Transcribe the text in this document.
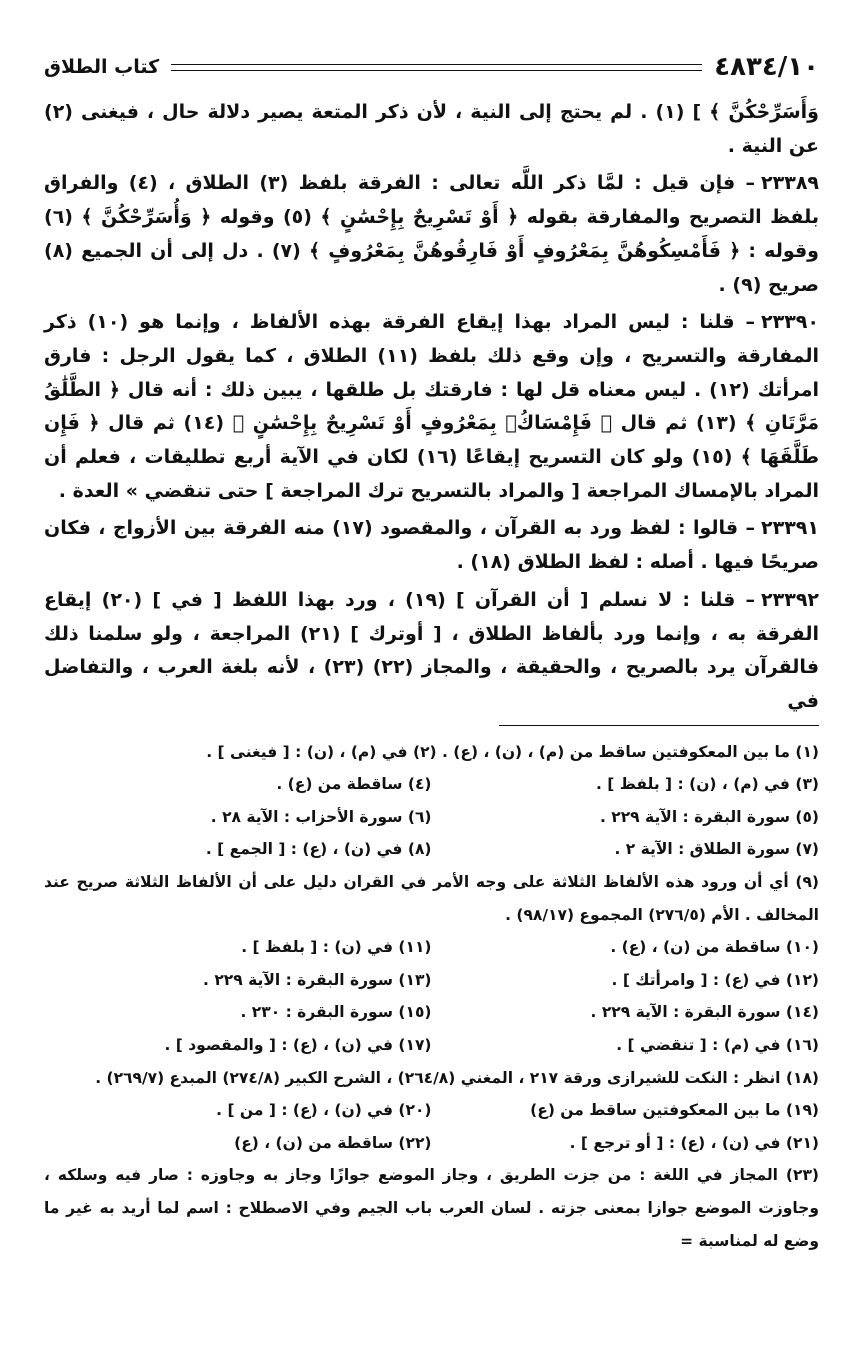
٤٨٣٤/١٠
كتاب الطلاق

وَأَسَرِّحْكُنَّ ﴾ ] (١) . لم يحتج إلى النية ، لأن ذكر المتعة يصير دلالة حال ، فيغنى (٢) عن النية .

٢٣٣٨٩– فإن قيل : لمَّا ذكر اللَّه تعالى : الفرقة بلفظ (٣) الطلاق ، (٤) والفراق بلفظ التصريح والمفارقة بقوله ﴿ أَوْ تَسْرِيحٌ بِإِحْسَٰنٍ ﴾ (٥) وقوله ﴿ وَأُسَرِّحْكُنَّ ﴾ (٦) وقوله : ﴿ فَأَمْسِكُوهُنَّ بِمَعْرُوفٍ أَوْ فَارِقُوهُنَّ بِمَعْرُوفٍ ﴾ (٧) . دل إلى أن الجميع (٨) صريح (٩) .

٢٣٣٩٠– قلنا : ليس المراد بهذا إيقاع الفرقة بهذه الألفاظ ، وإنما هو (١٠) ذكر المفارقة والتسريح ، وإن وقع ذلك بلفظ (١١) الطلاق ، كما يقول الرجل : فارق امرأتك (١٢) . ليس معناه قل لها : فارقتك بل طلقها ، يبين ذلك : أنه قال ﴿ الطَّلَٰقُ مَرَّتَانِ ﴾ (١٣) ثم قال ﴿ فَإِمْسَاكُۢ بِمَعْرُوفٍ أَوْ تَسْرِيحٌ بِإِحْسَٰنٍ ﴾ (١٤) ثم قال ﴿ فَإِن طَلَّقَهَا ﴾ (١٥) ولو كان التسريح إيقاعًا (١٦) لكان في الآية أربع تطليقات ، فعلم أن المراد بالإمساك المراجعة [ والمراد بالتسريح ترك المراجعة ] حتى تنقضي » العدة .

٢٣٣٩١– قالوا : لفظ ورد به القرآن ، والمقصود (١٧) منه الفرقة بين الأزواج ، فكان صريحًا فيها . أصله : لفظ الطلاق (١٨) .

٢٣٣٩٢– قلنا : لا نسلم [ أن القرآن ] (١٩) ، ورد بهذا اللفظ [ في ] (٢٠) إيقاع الفرقة به ، وإنما ورد بألفاظ الطلاق ، [ أوترك ] (٢١) المراجعة ، ولو سلمنا ذلك فالقرآن يرد بالصريح ، والحقيقة ، والمجاز (٢٢) (٢٣) ، لأنه بلغة العرب ، والتفاضل في

(١) ما بين المعكوفتين ساقط من (م) ، (ن) ، (ع) . (٢) في (م) ، (ن) : [ فيغنى ] .
(٣) في (م) ، (ن) : [ بلفظ ] .
(٤) ساقطة من (ع) .
(٥) سورة البقرة : الآية ٢٢٩ .
(٦) سورة الأحزاب : الآية ٢٨ .
(٧) سورة الطلاق : الآية ٢ .
(٨) في (ن) ، (ع) : [ الجمع ] .
(٩) أي أن ورود هذه الألفاظ الثلاثة على وجه الأمر في القران دليل على أن الألفاظ الثلاثة صريح عند المخالف . الأم (٢٧٦/٥) المجموع (٩٨/١٧) .
(١٠) ساقطة من (ن) ، (ع) .
(١١) في (ن) : [ بلفظ ] .
(١٢) في (ع) : [ وامرأتك ] .
(١٣) سورة البقرة : الآية ٢٢٩ .
(١٤) سورة البقرة : الآية ٢٢٩ .
(١٥) سورة البقرة : ٢٣٠ .
(١٦) في (م) : [ تنقضي ] .
(١٧) في (ن) ، (ع) : [ والمقصود ] .
(١٨) انظر : النكت للشيرازى ورقة ٢١٧ ، المغني (٢٦٤/٨) ، الشرح الكبير (٢٧٤/٨) المبدع (٢٦٩/٧) .
(١٩) ما بين المعكوفتين ساقط من (ع)
(٢٠) في (ن) ، (ع) : [ من ] .
(٢١) في (ن) ، (ع) : [ أو ترجع ] .
(٢٢) ساقطة من (ن) ، (ع)
(٢٣) المجاز في اللغة : من جزت الطريق ، وجاز الموضع جوازًا وجاز به وجاوزه : صار فيه وسلكه ، وجاوزت الموضع جوازا بمعنى جزته . لسان العرب باب الجيم وفي الاصطلاح : اسم لما أريد به غير ما وضع له لمناسبة =
